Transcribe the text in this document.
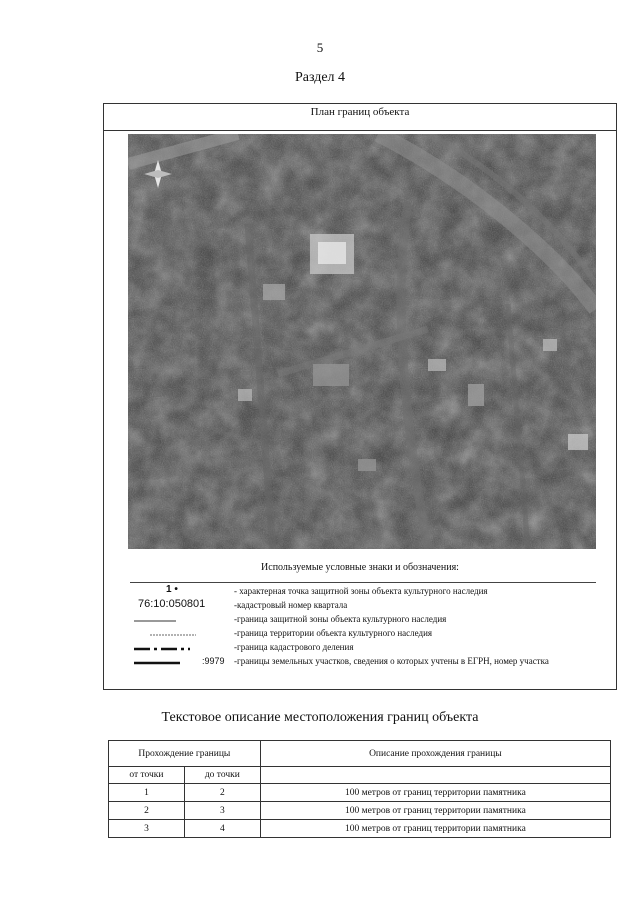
5
Раздел 4
План границ объекта
Используемые условные знаки и обозначения:
1 •	- характерная точка защитной зоны объекта культурного наследия
76:10:050801	-кадастровый номер квартала
-граница защитной зоны объекта культурного наследия
-граница территории объекта культурного наследия
-граница кадастрового деления
:9979 -границы земельных участков, сведения о которых учтены в ЕГРН, номер участка
Текстовое описание местоположения границ объекта
Прохождение границы		Описание прохождения границы
от точки	до точки	
1	2	100 метров от границ территории памятника
2	3	100 метров от границ территории памятника
3	4	100 метров от границ территории памятника
